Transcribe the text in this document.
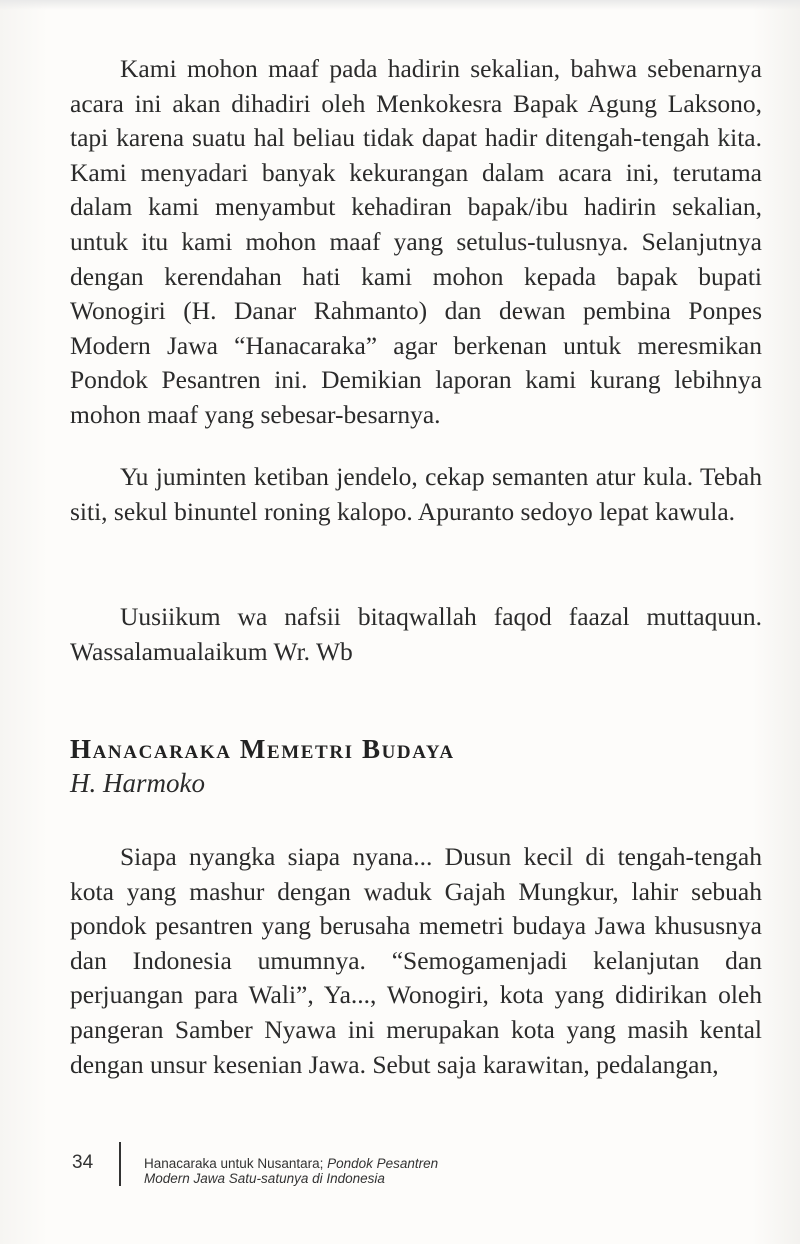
Kami mohon maaf pada hadirin sekalian, bahwa sebenarnya acara ini akan dihadiri oleh Menkokesra Bapak Agung Laksono, tapi karena suatu hal beliau tidak dapat hadir ditengah-tengah kita. Kami menyadari banyak kekurangan dalam acara ini, terutama dalam kami menyambut kehadiran bapak/ibu hadirin sekalian, untuk itu kami mohon maaf yang setulus-tulusnya. Selanjutnya dengan kerendahan hati kami mohon kepada bapak bupati Wonogiri (H. Danar Rahmanto) dan dewan pembina Ponpes Modern Jawa “Hanacaraka” agar berkenan untuk meresmikan Pondok Pesantren ini. Demikian laporan kami kurang lebihnya mohon maaf yang sebesar-besarnya.

Yu juminten ketiban jendelo, cekap semanten atur kula. Tebah siti, sekul binuntel roning kalopo. Apuranto sedoyo lepat kawula.

Uusiikum wa nafsii bitaqwallah faqod faazal muttaquun. Wassalamualaikum Wr. Wb

Hanacaraka Memetri Budaya
H. Harmoko

Siapa nyangka siapa nyana... Dusun kecil di tengah-tengah kota yang mashur dengan waduk Gajah Mungkur, lahir sebuah pondok pesantren yang berusaha memetri budaya Jawa khususnya dan Indonesia umumnya. “Semogamenjadi kelanjutan dan perjuangan para Wali”, Ya..., Wonogiri, kota yang didirikan oleh pangeran Samber Nyawa ini merupakan kota yang masih kental dengan unsur kesenian Jawa. Sebut saja karawitan, pedalangan,

34	Hanacaraka untuk Nusantara; Pondok Pesantren
Modern Jawa Satu-satunya di Indonesia
